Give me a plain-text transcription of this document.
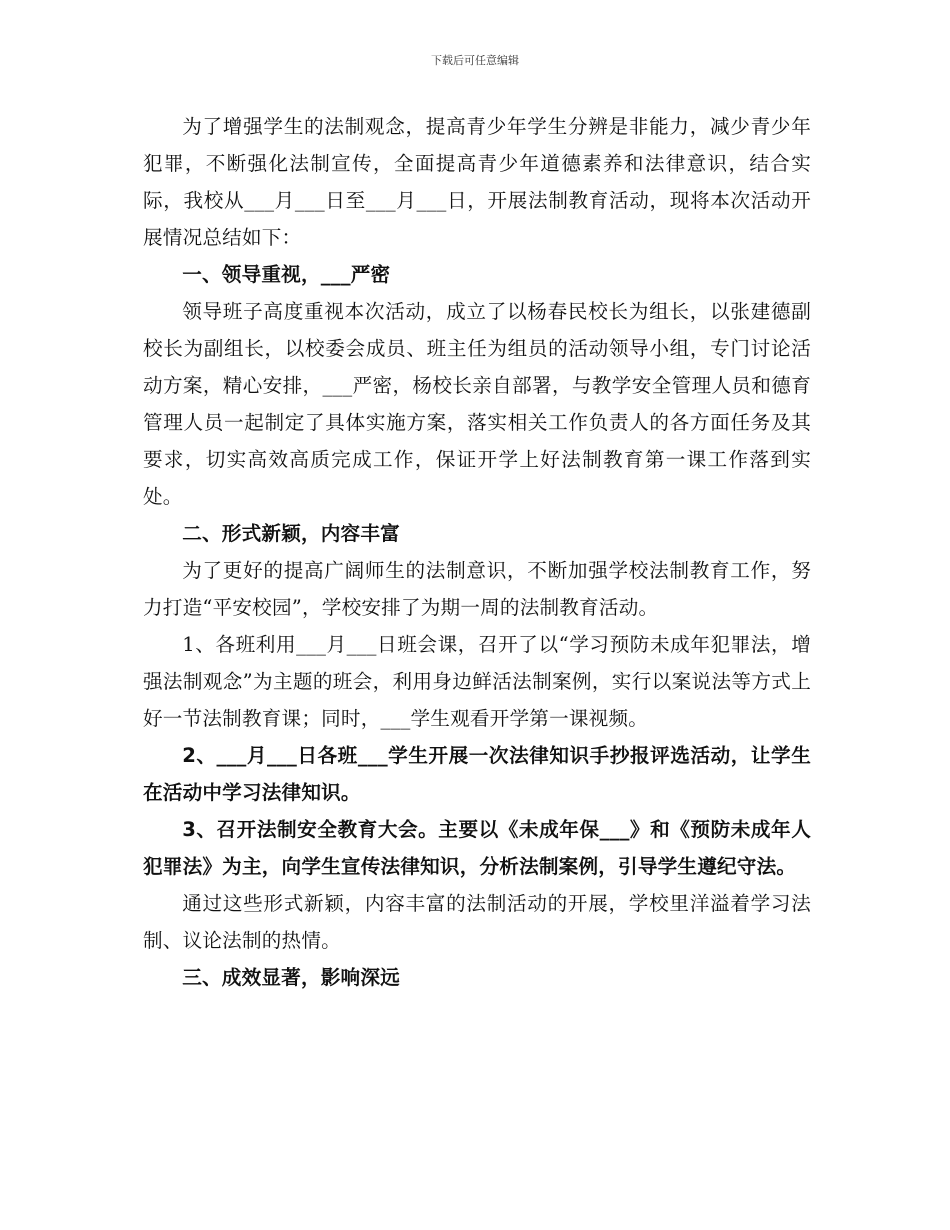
下载后可任意编辑

为了增强学生的法制观念，提高青少年学生分辨是非能力，减少青少年犯罪，不断强化法制宣传，全面提高青少年道德素养和法律意识，结合实际，我校从___月___日至___月___日，开展法制教育活动，现将本次活动开展情况总结如下：

一、领导重视，___严密

领导班子高度重视本次活动，成立了以杨春民校长为组长，以张建德副校长为副组长，以校委会成员、班主任为组员的活动领导小组，专门讨论活动方案，精心安排，___严密，杨校长亲自部署，与教学安全管理人员和德育管理人员一起制定了具体实施方案，落实相关工作负责人的各方面任务及其要求，切实高效高质完成工作，保证开学上好法制教育第一课工作落到实处。

二、形式新颖，内容丰富

为了更好的提高广阔师生的法制意识，不断加强学校法制教育工作，努力打造“平安校园”，学校安排了为期一周的法制教育活动。

1、各班利用___月___日班会课，召开了以“学习预防未成年犯罪法，增强法制观念”为主题的班会，利用身边鲜活法制案例，实行以案说法等方式上好一节法制教育课；同时，___学生观看开学第一课视频。

2、___月___日各班___学生开展一次法律知识手抄报评选活动，让学生在活动中学习法律知识。

3、召开法制安全教育大会。主要以《未成年保___》和《预防未成年人犯罪法》为主，向学生宣传法律知识，分析法制案例，引导学生遵纪守法。

通过这些形式新颖，内容丰富的法制活动的开展，学校里洋溢着学习法制、议论法制的热情。

三、成效显著，影响深远
